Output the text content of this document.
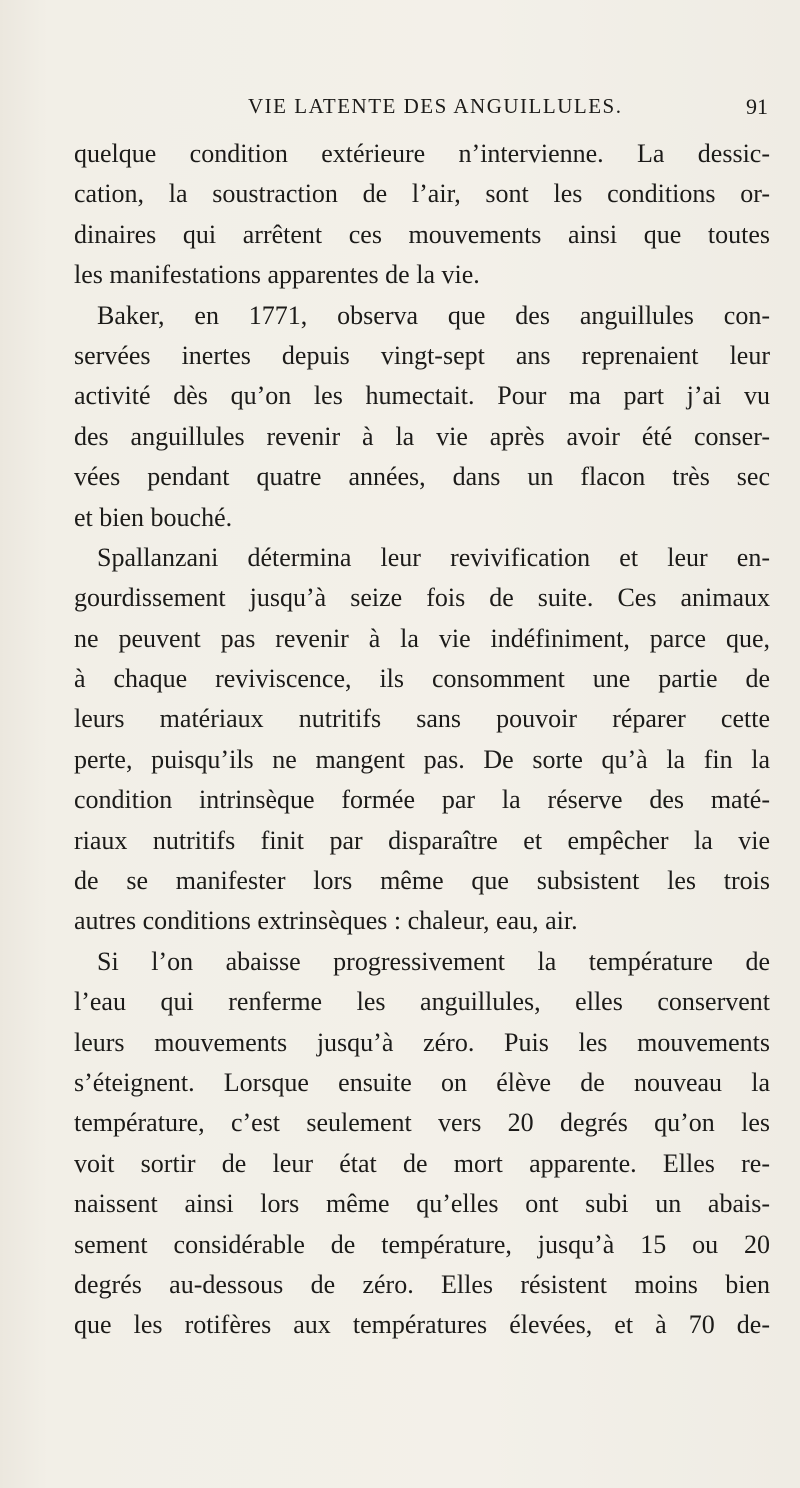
VIE LATENTE DES ANGUILLULES.	91
quelque condition extérieure n’intervienne. La dessic-
cation, la soustraction de l’air, sont les conditions or-
dinaires qui arrêtent ces mouvements ainsi que toutes
les manifestations apparentes de la vie.
Baker, en 1771, observa que des anguillules con-
servées inertes depuis vingt-sept ans reprenaient leur
activité dès qu’on les humectait. Pour ma part j’ai vu
des anguillules revenir à la vie après avoir été conser-
vées pendant quatre années, dans un flacon très sec
et bien bouché.
Spallanzani détermina leur revivification et leur en-
gourdissement jusqu’à seize fois de suite. Ces animaux
ne peuvent pas revenir à la vie indéfiniment, parce que,
à chaque reviviscence, ils consomment une partie de
leurs matériaux nutritifs sans pouvoir réparer cette
perte, puisqu’ils ne mangent pas. De sorte qu’à la fin la
condition intrinsèque formée par la réserve des maté-
riaux nutritifs finit par disparaître et empêcher la vie
de se manifester lors même que subsistent les trois
autres conditions extrinsèques : chaleur, eau, air.
Si l’on abaisse progressivement la température de
l’eau qui renferme les anguillules, elles conservent
leurs mouvements jusqu’à zéro. Puis les mouvements
s’éteignent. Lorsque ensuite on élève de nouveau la
température, c’est seulement vers 20 degrés qu’on les
voit sortir de leur état de mort apparente. Elles re-
naissent ainsi lors même qu’elles ont subi un abais-
sement considérable de température, jusqu’à 15 ou 20
degrés au-dessous de zéro. Elles résistent moins bien
que les rotifères aux températures élevées, et à 70 de-
